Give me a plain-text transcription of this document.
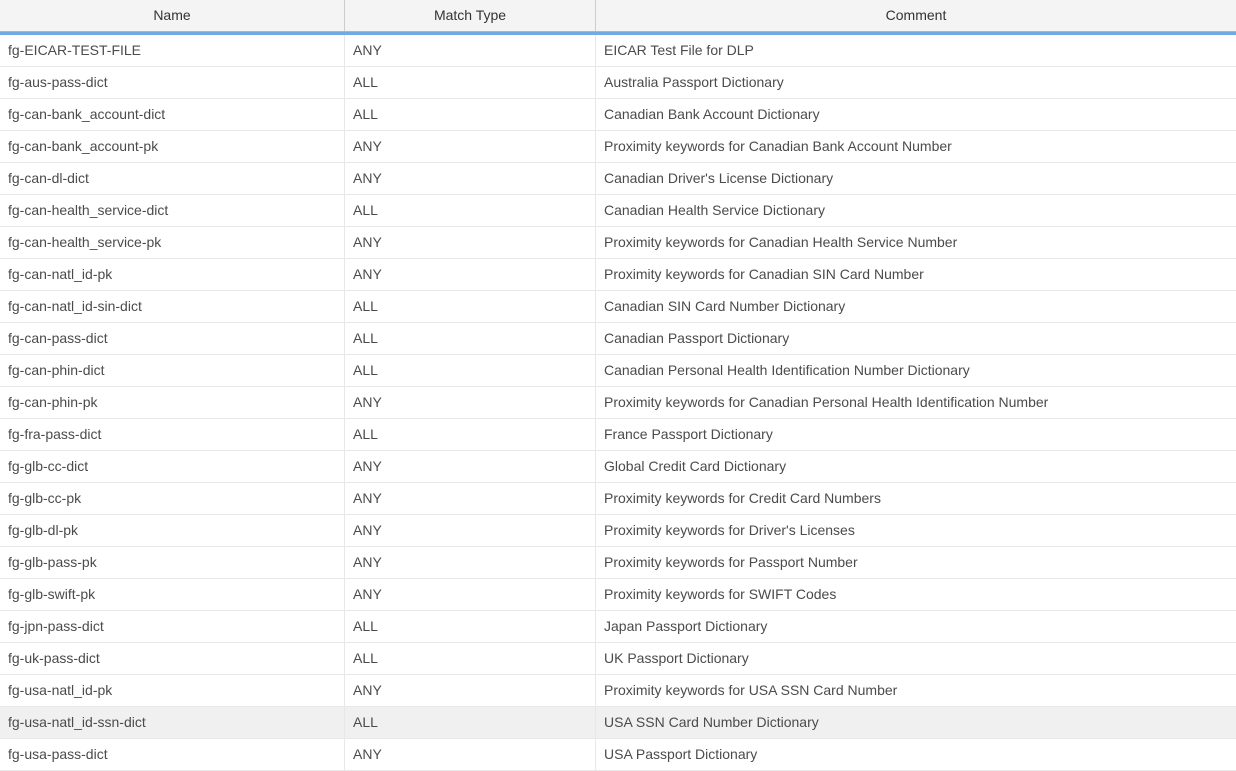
Name	Match Type	Comment
fg-EICAR-TEST-FILE	ANY	EICAR Test File for DLP
fg-aus-pass-dict	ALL	Australia Passport Dictionary
fg-can-bank_account-dict	ALL	Canadian Bank Account Dictionary
fg-can-bank_account-pk	ANY	Proximity keywords for Canadian Bank Account Number
fg-can-dl-dict	ANY	Canadian Driver's License Dictionary
fg-can-health_service-dict	ALL	Canadian Health Service Dictionary
fg-can-health_service-pk	ANY	Proximity keywords for Canadian Health Service Number
fg-can-natl_id-pk	ANY	Proximity keywords for Canadian SIN Card Number
fg-can-natl_id-sin-dict	ALL	Canadian SIN Card Number Dictionary
fg-can-pass-dict	ALL	Canadian Passport Dictionary
fg-can-phin-dict	ALL	Canadian Personal Health Identification Number Dictionary
fg-can-phin-pk	ANY	Proximity keywords for Canadian Personal Health Identification Number
fg-fra-pass-dict	ALL	France Passport Dictionary
fg-glb-cc-dict	ANY	Global Credit Card Dictionary
fg-glb-cc-pk	ANY	Proximity keywords for Credit Card Numbers
fg-glb-dl-pk	ANY	Proximity keywords for Driver's Licenses
fg-glb-pass-pk	ANY	Proximity keywords for Passport Number
fg-glb-swift-pk	ANY	Proximity keywords for SWIFT Codes
fg-jpn-pass-dict	ALL	Japan Passport Dictionary
fg-uk-pass-dict	ALL	UK Passport Dictionary
fg-usa-natl_id-pk	ANY	Proximity keywords for USA SSN Card Number
fg-usa-natl_id-ssn-dict	ALL	USA SSN Card Number Dictionary
fg-usa-pass-dict	ANY	USA Passport Dictionary
